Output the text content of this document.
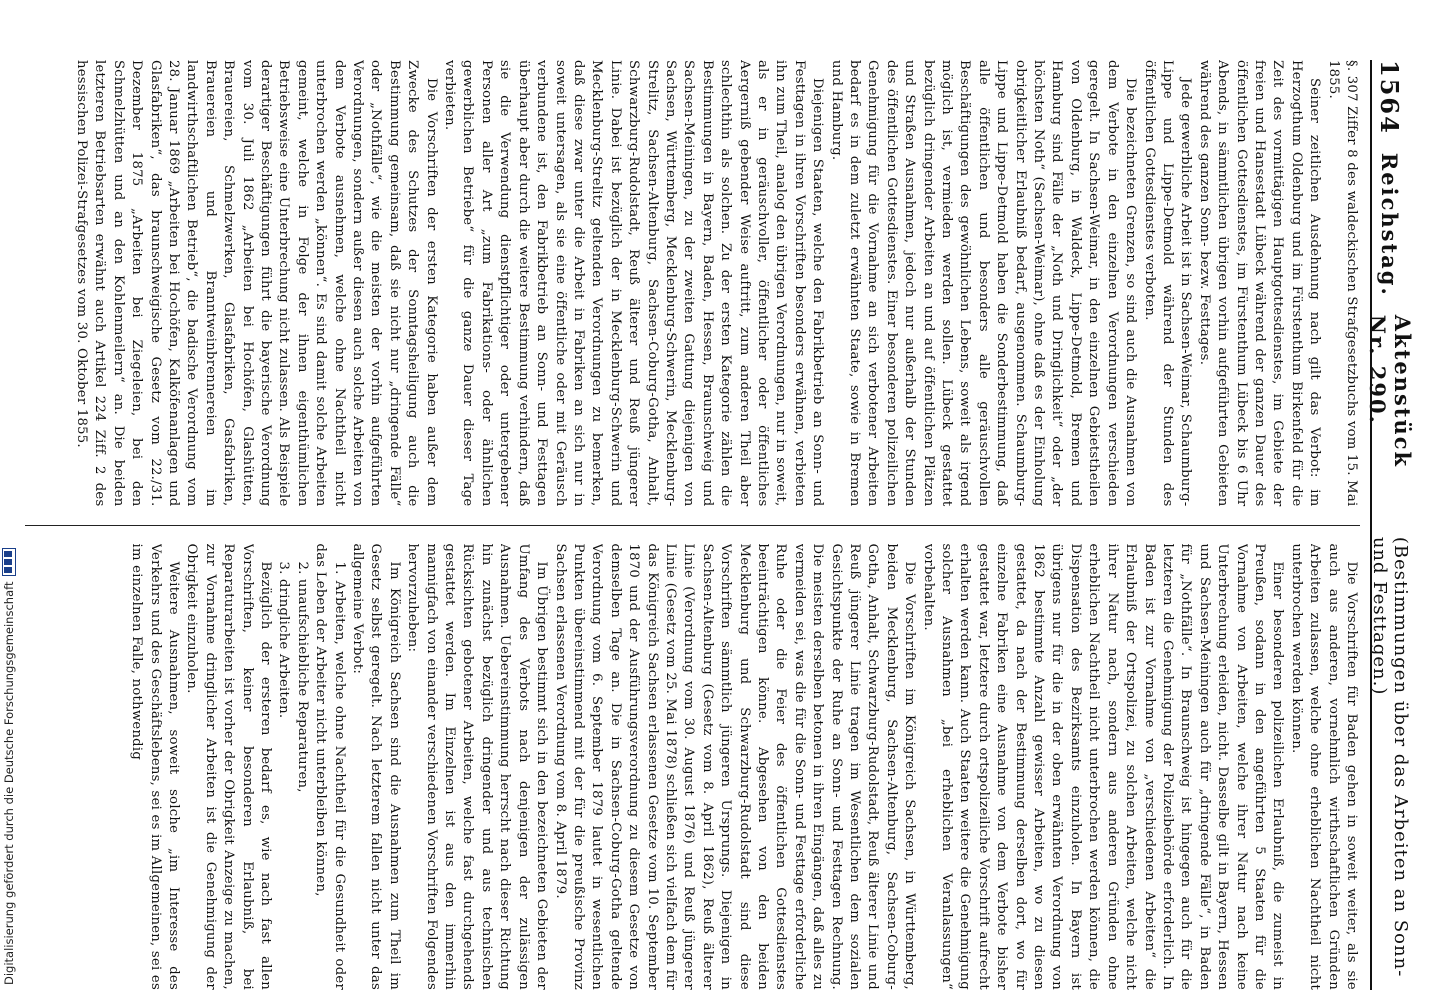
1564
Reichstag.
Aktenstück Nr. 290.
(Bestimmungen über das Arbeiten an Sonn- und Festtagen.)

§. 307 Ziffer 8 des waldeckischen Strafgesetzbuchs vom 15. Mai 1855.

Seiner zeitlichen Ausdehnung nach gilt das Verbot: im Herzogthum Oldenburg und im Fürstenthum Birkenfeld für die Zeit des vormittägigen Hauptgottesdienstes, im Gebiete der freien und Hansestadt Lübeck während der ganzen Dauer des öffentlichen Gottesdienstes, im Fürstenthum Lübeck bis 6 Uhr Abends, in sämmtlichen übrigen vorhin aufgeführten Gebieten während des ganzen Sonn- bezw. Festtages.

Jede gewerbliche Arbeit ist in Sachsen-Weimar, Schaumburg-Lippe und Lippe-Detmold während der Stunden des öffentlichen Gottesdienstes verboten.

Die bezeichneten Grenzen, so sind auch die Ausnahmen von dem Verbote in den einzelnen Verordnungen verschieden geregelt. In Sachsen-Weimar, in den einzelnen Gebietstheilen von Oldenburg, in Waldeck, Lippe-Detmold, Bremen und Hamburg sind Fälle der „Noth und Dringlichkeit“ oder „der höchsten Noth“ (Sachsen-Weimar), ohne daß es der Einholung obrigkeitlicher Erlaubniß bedarf, ausgenommen. Schaumburg-Lippe und Lippe-Detmold haben die Sonderbestimmung, daß alle öffentlichen und besonders alle geräuschvollen Beschäftigungen des gewöhnlichen Lebens, soweit als irgend möglich ist, vermieden werden sollen. Lübeck gestattet bezüglich dringender Arbeiten an und auf öffentlichen Plätzen und Straßen Ausnahmen, jedoch nur außerhalb der Stunden des öffentlichen Gottesdienstes. Einer besonderen polizeilichen Genehmigung für die Vornahme an sich verbotener Arbeiten bedarf es in dem zuletzt erwähnten Staate, sowie in Bremen und Hamburg.

Diejenigen Staaten, welche den Fabrikbetrieb an Sonn- und Festtagen in ihren Vorschriften besonders erwähnen, verbieten ihn zum Theil, analog den übrigen Verordnungen, nur in soweit, als er in geräuschvoller, öffentlicher oder öffentliches Aergerniß gebender Weise auftritt, zum anderen Theil aber schlechthin als solchen. Zu der ersten Kategorie zählen die Bestimmungen in Bayern, Baden, Hessen, Braunschweig und Sachsen-Meiningen, zu der zweiten Gattung diejenigen von Sachsen, Württemberg, Mecklenburg-Schwerin, Mecklenburg-Strelitz, Sachsen-Altenburg, Sachsen-Coburg-Gotha, Anhalt, Schwarzburg-Rudolstadt, Reuß älterer und Reuß jüngerer Linie. Dabei ist bezüglich der in Mecklenburg-Schwerin und Mecklenburg-Strelitz geltenden Verordnungen zu bemerken, daß diese zwar unter die Arbeit in Fabriken an sich nur in soweit untersagen, als sie eine öffentliche oder mit Geräusch verbundene ist, den Fabrikbetrieb an Sonn- und Festtagen überhaupt aber durch die weitere Bestimmung verhindern, daß sie die Verwendung dienstpflichtiger oder untergebener Personen aller Art „zum Fabrikations- oder ähnlichen gewerblichen Betriebe“ für die ganze Dauer dieser Tage verbieten.

Die Vorschriften der ersten Kategorie haben außer dem Zwecke des Schutzes der Sonntagsheiligung auch die Bestimmung gemeinsam, daß sie nicht nur „dringende Fälle“ oder „Nothfälle“, wie die meisten der vorhin aufgeführten Verordnungen, sondern außer diesen auch solche Arbeiten von dem Verbote ausnehmen, welche ohne Nachtheil nicht unterbrochen werden „können“. Es sind damit solche Arbeiten gemeint, welche in Folge der ihnen eigenthümlichen Betriebsweise eine Unterbrechung nicht zulassen. Als Beispiele derartiger Beschäftigungen führt die bayerische Verordnung vom 30. Juli 1862 „Arbeiten bei Hochöfen, Glashütten, Brauereien, Schmelzwerken, Glasfabriken, Gasfabriken, Brauereien und Branntweinbrennereien im landwirthschaftlichen Betrieb“, die badische Verordnung vom 28. Januar 1869 „Arbeiten bei Hochöfen, Kalköfenanlagen und Glasfabriken“, das braunschweigische Gesetz vom 22./31. Dezember 1875 „Arbeiten bei Ziegeleien, bei den Schmelzhütten und an den Kohlenmeilern“ an. Die beiden letzteren Betriebsarten erwähnt auch Artikel 224 Ziff. 2 des hessischen Polizei-Strafgesetzes vom 30. Oktober 1855.

Die Vorschriften für Baden gehen in soweit weiter, als sie auch aus anderen, vornehmlich wirthschaftlichen Gründen Arbeiten zulassen, welche ohne erheblichen Nachtheil nicht unterbrochen werden können.

Einer besonderen polizeilichen Erlaubniß, die zumeist in Preußen, sodann in den angeführten 5 Staaten für die Vornahme von Arbeiten, welche ihrer Natur nach keine Unterbrechung erleiden, nicht. Dasselbe gilt in Bayern, Hessen und Sachsen-Meiningen auch für „dringende Fälle“, in Baden für „Nothfälle“. In Braunschweig ist hingegen auch für die letzteren die Genehmigung der Polizeibehörde erforderlich. In Baden ist zur Vornahme von „verschiedenen Arbeiten“ die Erlaubniß der Ortspolizei, zu solchen Arbeiten, welche nicht ihrer Natur nach, sondern aus anderen Gründen ohne erheblichen Nachtheil nicht unterbrochen werden können, die Dispensation des Bezirksamts einzuholen. In Bayern ist übrigens nur für die in der oben erwähnten Verordnung von 1862 bestimmte Anzahl gewisser Arbeiten, wo zu diesen gestattet, da nach der Bestimmung derselben dort, wo für einzelne Fabriken eine Ausnahme von dem Verbote bisher gestattet war, letztere durch ortspolizeiliche Vorschrift aufrecht erhalten werden kann. Auch Staaten weitere die Genehmigung solcher Ausnahmen „bei erheblichen Veranlassungen“ vorbehalten.

Die Vorschriften im Königreich Sachsen, in Württemberg, beiden Mecklenburg, Sachsen-Altenburg, Sachsen-Coburg-Gotha, Anhalt, Schwarzburg-Rudolstadt, Reuß älterer Linie und Reuß jüngerer Linie tragen im Wesentlichen dem sozialen Gesichtspunkte der Ruhe an Sonn- und Festtagen Rechnung. Die meisten derselben betonen in ihren Eingängen, daß alles zu vermeiden sei, was die für die Sonn- und Festtage erforderliche Ruhe oder die Feier des öffentlichen Gottesdienstes beeinträchtigen könne. Abgesehen von den beiden Mecklenburg und Schwarzburg-Rudolstadt sind diese Vorschriften sämmtlich jüngeren Ursprungs. Diejenigen in Sachsen-Altenburg (Gesetz vom 8. April 1862), Reuß älterer Linie (Verordnung vom 30. August 1876) und Reuß jüngerer Linie (Gesetz vom 25. Mai 1878) schließen sich vielfach dem für das Königreich Sachsen erlassenen Gesetze vom 10. September 1870 und der Ausführungsverordnung zu diesem Gesetze von demselben Tage an. Die in Sachsen-Coburg-Gotha geltende Verordnung vom 6. September 1879 lautet in wesentlichen Punkten übereinstimmend mit der für die preußische Provinz Sachsen erlassenen Verordnung vom 8. April 1879.

Im Übrigen bestimmt sich in den bezeichneten Gebieten der Umfang des Verbots nach denjenigen der zulässigen Ausnahmen. Uebereinstimmung herrscht nach dieser Richtung hin zunächst bezüglich dringender und aus technischen Rücksichten gebotener Arbeiten, welche fast durchgehends gestattet werden. Im Einzelnen ist aus den immerhin mannigfach von einander verschiedenen Vorschriften Folgendes hervorzuheben:

Im Königreich Sachsen sind die Ausnahmen zum Theil im Gesetz selbst geregelt. Nach letzterem fallen nicht unter das allgemeine Verbot:

1. Arbeiten, welche ohne Nachtheil für die Gesundheit oder das Leben der Arbeiter nicht unterbleiben können,

2. unaufschiebliche Reparaturen,

3. dringliche Arbeiten.

Bezüglich der ersteren bedarf es, wie nach fast allen Vorschriften, keiner besonderen Erlaubniß, bei Reparaturarbeiten ist vorher der Obrigkeit Anzeige zu machen, zur Vornahme dringlicher Arbeiten ist die Genehmigung der Obrigkeit einzuholen.

Weitere Ausnahmen, soweit solche „im Interesse des Verkehrs und des Geschäftslebens, sei es im Allgemeinen, sei es im einzelnen Falle, nothwendig

Digitalisierung gefördert durch die Deutsche Forschungsgemeinschaft
